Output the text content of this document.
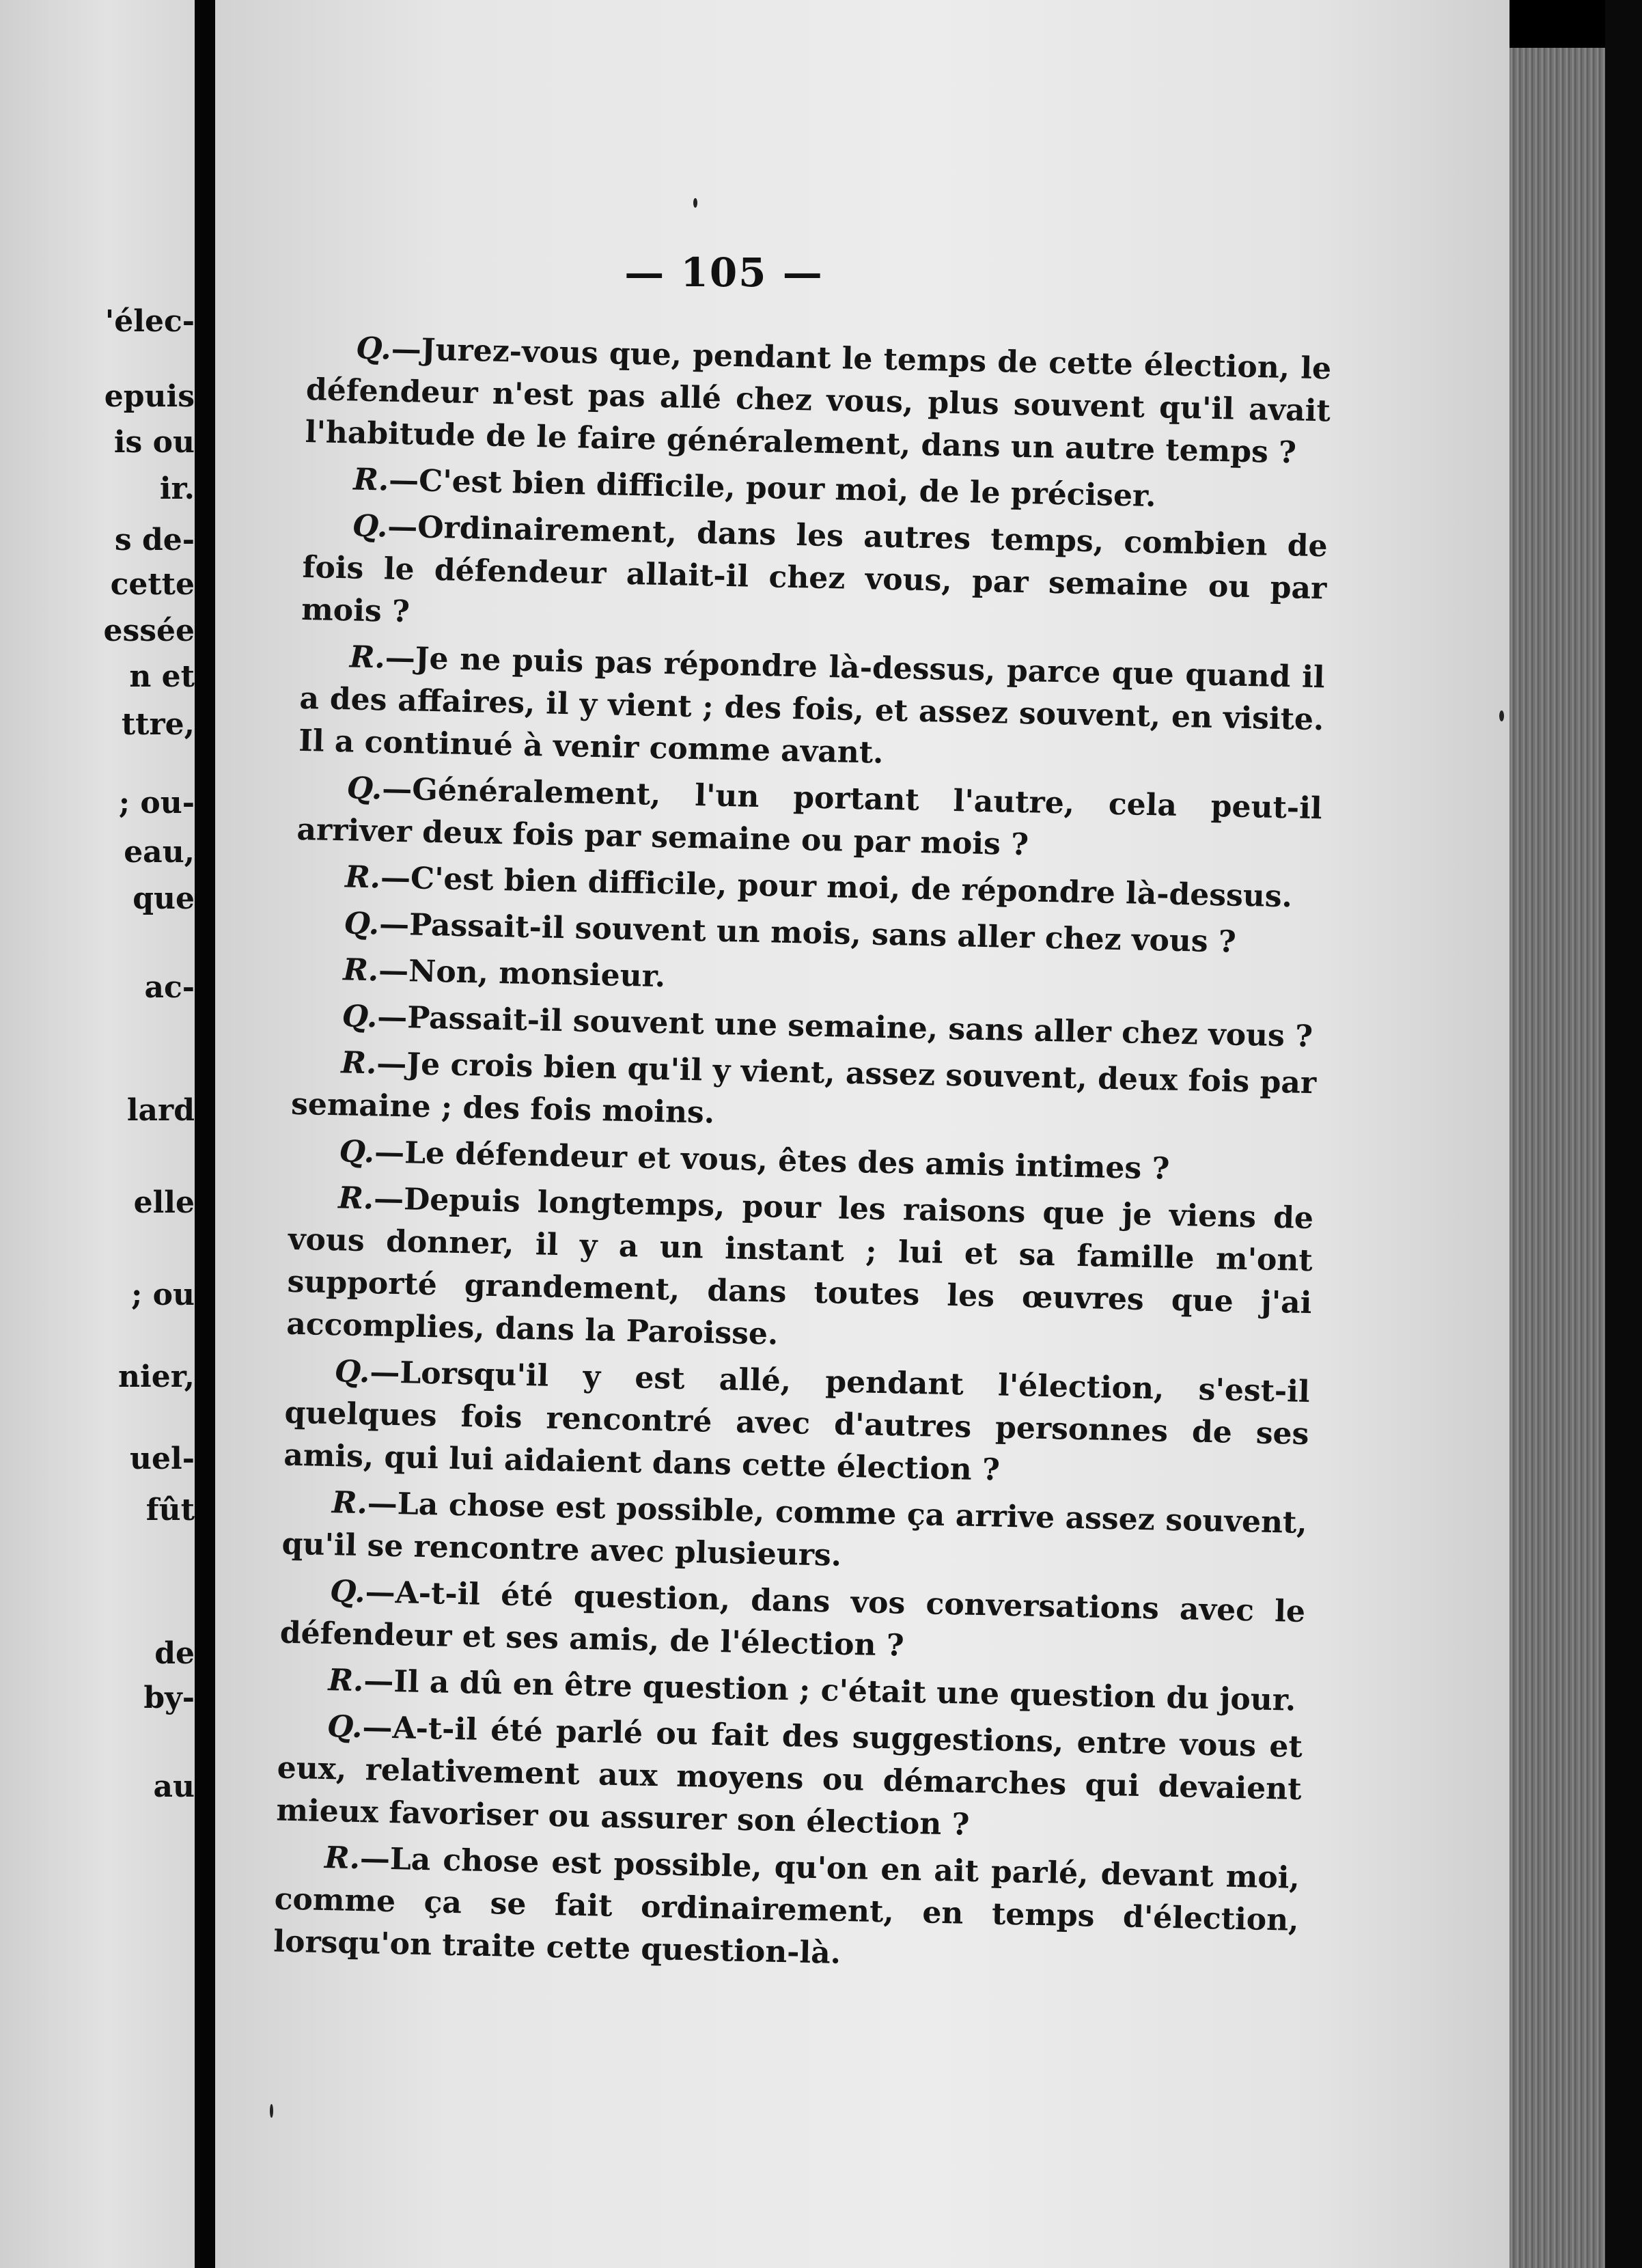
'élec-
epuis
is ou
ir.
s de-
cette
essée
n et
ttre,
; ou-
eau,
que
ac-
lard
elle
; ou
nier,
uel-
fût
de
by-
au
— 105 —

Q.—Jurez-vous que, pendant le temps de cette élection, le défendeur n'est pas allé chez vous, plus souvent qu'il avait l'habitude de le faire généralement, dans un autre temps ?

R.—C'est bien difficile, pour moi, de le préciser.

Q.—Ordinairement, dans les autres temps, combien de fois le défendeur allait-il chez vous, par semaine ou par mois ?

R.—Je ne puis pas répondre là-dessus, parce que quand il a des affaires, il y vient ; des fois, et assez souvent, en visite. Il a continué à venir comme avant.

Q.—Généralement, l'un portant l'autre, cela peut-il arriver deux fois par semaine ou par mois ?

R.—C'est bien difficile, pour moi, de répondre là-dessus.

Q.—Passait-il souvent un mois, sans aller chez vous ?

R.—Non, monsieur.

Q.—Passait-il souvent une semaine, sans aller chez vous ?

R.—Je crois bien qu'il y vient, assez souvent, deux fois par semaine ; des fois moins.

Q.—Le défendeur et vous, êtes des amis intimes ?

R.—Depuis longtemps, pour les raisons que je viens de vous donner, il y a un instant ; lui et sa famille m'ont supporté grandement, dans toutes les œuvres que j'ai accomplies, dans la Paroisse.

Q.—Lorsqu'il y est allé, pendant l'élection, s'est-il quelques fois rencontré avec d'autres personnes de ses amis, qui lui aidaient dans cette élection ?

R.—La chose est possible, comme ça arrive assez souvent, qu'il se rencontre avec plusieurs.

Q.—A-t-il été question, dans vos conversations avec le défendeur et ses amis, de l'élection ?

R.—Il a dû en être question ; c'était une question du jour.

Q.—A-t-il été parlé ou fait des suggestions, entre vous et eux, relativement aux moyens ou démarches qui devaient mieux favoriser ou assurer son élection ?

R.—La chose est possible, qu'on en ait parlé, devant moi, comme ça se fait ordinairement, en temps d'élection, lorsqu'on traite cette question-là.
